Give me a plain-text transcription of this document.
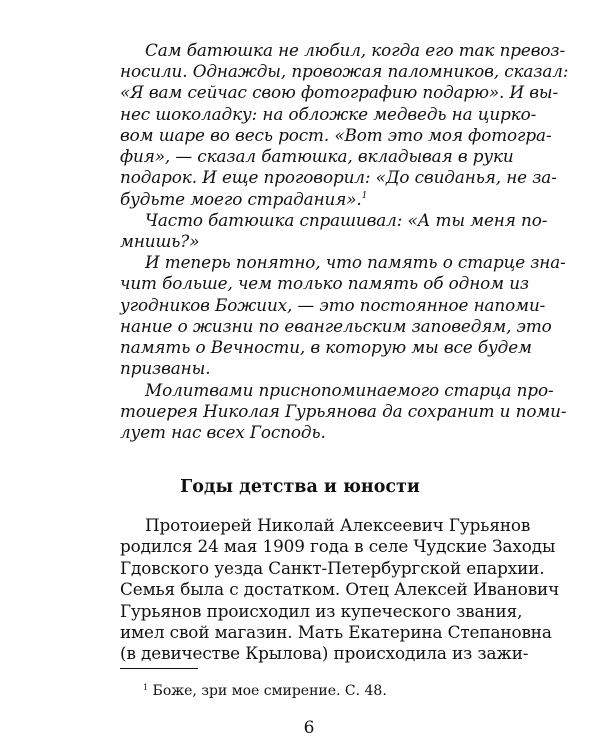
Сам батюшка не любил, когда его так превоз-
носили. Однажды, провожая паломников, сказал:
«Я вам сейчас свою фотографию подарю». И вы-
нес шоколадку: на обложке медведь на цирко-
вом шаре во весь рост. «Вот это моя фотогра-
фия», — сказал батюшка, вкладывая в руки
подарок. И еще проговорил: «До свиданья, не за-
будьте моего страдания».$^1$
Часто батюшка спрашивал: «А ты меня по-
мнишь?»
И теперь понятно, что память о старце зна-
чит больше, чем только память об одном из
угодников Божиих, — это постоянное напоми-
нание о жизни по евангельским заповедям, это
память о Вечности, в которую мы все будем
призваны.
Молитвами приснопоминаемого старца про-
тоиерея Николая Гурьянова да сохранит и поми-
лует нас всех Господь.
Годы детства и юности
Протоиерей Николай Алексеевич Гурьянов
родился 24 мая 1909 года в селе Чудские Заходы
Гдовского уезда Санкт-Петербургской епархии.
Семья была с достатком. Отец Алексей Иванович
Гурьянов происходил из купеческого звания,
имел свой магазин. Мать Екатерина Степановна
(в девичестве Крылова) происходила из зажи-
$^1$ Боже, зри мое смирение. С. 48.
6
